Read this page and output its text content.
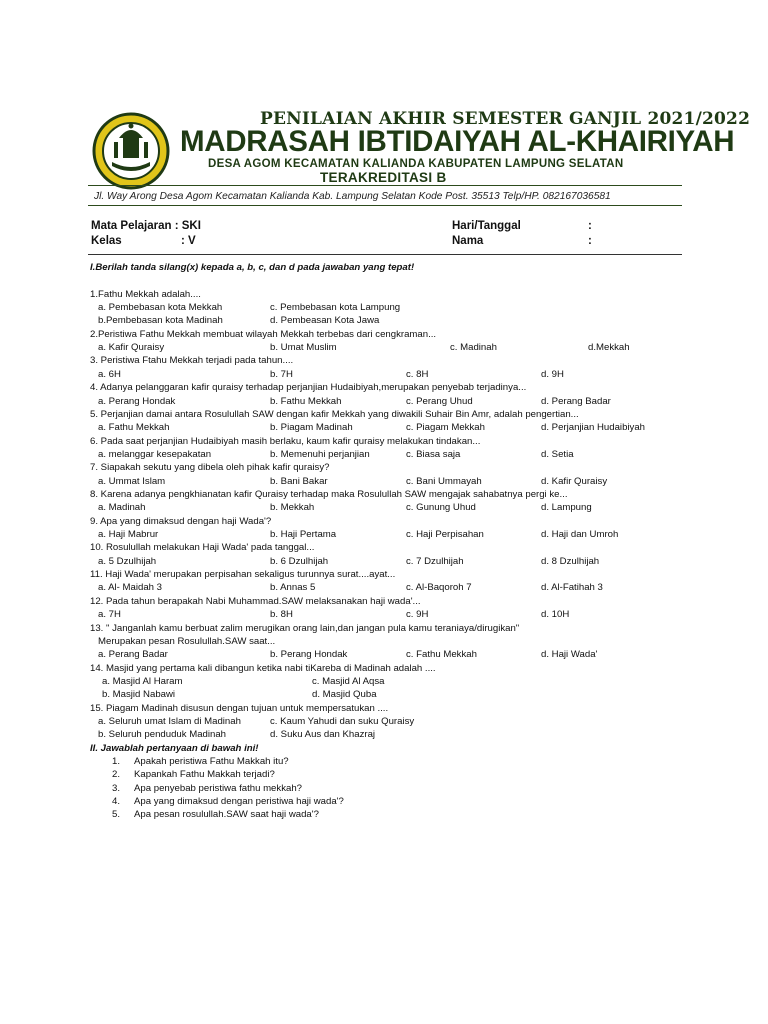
PENILAIAN AKHIR SEMESTER GANJIL 2021/2022
MADRASAH IBTIDAIYAH AL-KHAIRIYAH
DESA AGOM KECAMATAN KALIANDA KABUPATEN LAMPUNG SELATAN
TERAKREDITASI B
Jl. Way Arong Desa Agom Kecamatan Kalianda Kab. Lampung Selatan Kode Post. 35513 Telp/HP. 082167036581
Mata Pelajaran : SKI
Kelas	: V
Hari/Tanggal	:
Nama	:
I.Berilah tanda silang(x) kepada a, b, c, dan d pada jawaban yang tepat!
1.Fathu Mekkah adalah....
a. Pembebasan kota Mekkah	c. Pembebasan kota Lampung
b.Pembebasan kota Madinah	d. Pembeasan Kota Jawa
2.Peristiwa Fathu Mekkah membuat wilayah Mekkah terbebas dari cengkraman...
a. Kafir Quraisy	b. Umat Muslim	c. Madinah	d.Mekkah
3. Peristiwa Ftahu Mekkah terjadi pada tahun....
a. 6H	b. 7H	c. 8H	d. 9H
4. Adanya pelanggaran kafir quraisy terhadap perjanjian Hudaibiyah,merupakan penyebab terjadinya...
a. Perang Hondak	b. Fathu Mekkah	c. Perang Uhud	d. Perang Badar
5. Perjanjian damai antara Rosulullah SAW dengan kafir Mekkah yang diwakili Suhair Bin Amr, adalah pengertian...
a. Fathu Mekkah	b. Piagam Madinah	c. Piagam Mekkah	d. Perjanjian Hudaibiyah
6. Pada saat perjanjian Hudaibiyah masih berlaku, kaum kafir quraisy melakukan tindakan...
a. melanggar kesepakatan	b. Memenuhi perjanjian	c. Biasa saja	d. Setia
7. Siapakah sekutu yang dibela oleh pihak kafir quraisy?
a. Ummat Islam	b. Bani Bakar	c. Bani Ummayah	d. Kafir Quraisy
8. Karena adanya pengkhianatan kafir Quraisy terhadap maka Rosulullah SAW mengajak sahabatnya pergi ke...
a. Madinah	b. Mekkah	c. Gunung Uhud	d. Lampung
9. Apa yang dimaksud dengan haji Wada'?
a. Haji Mabrur	b. Haji Pertama	c. Haji Perpisahan	d. Haji dan Umroh
10. Rosulullah melakukan Haji Wada' pada tanggal...
a. 5 Dzulhijah	b. 6 Dzulhijah	c. 7 Dzulhijah	d. 8 Dzulhijah
11. Haji Wada' merupakan perpisahan sekaligus turunnya surat....ayat...
a. Al- Maidah 3	b. Annas 5	c. Al-Baqoroh 7	d. Al-Fatihah 3
12. Pada tahun berapakah Nabi Muhammad.SAW melaksanakan haji wada'...
a. 7H	b. 8H	c. 9H	d. 10H
13. " Janganlah kamu berbuat zalim merugikan orang lain,dan jangan pula kamu teraniaya/dirugikan"
Merupakan pesan Rosulullah.SAW saat...
a. Perang Badar	b. Perang Hondak	c. Fathu Mekkah	d. Haji Wada'
14. Masjid yang pertama kali dibangun ketika nabi tiKareba di Madinah adalah ....
a. Masjid Al Haram	c. Masjid Al Aqsa
b. Masjid Nabawi	d. Masjid Quba
15. Piagam Madinah disusun dengan tujuan untuk mempersatukan ....
a. Seluruh umat Islam di Madinah	c. Kaum Yahudi dan suku Quraisy
b. Seluruh penduduk Madinah	d. Suku Aus dan Khazraj
II. Jawablah pertanyaan di bawah ini!
1. Apakah peristiwa Fathu Makkah itu?
2. Kapankah Fathu Makkah terjadi?
3. Apa penyebab peristiwa fathu mekkah?
4. Apa yang dimaksud dengan peristiwa haji wada'?
5. Apa pesan rosulullah.SAW saat haji wada'?
